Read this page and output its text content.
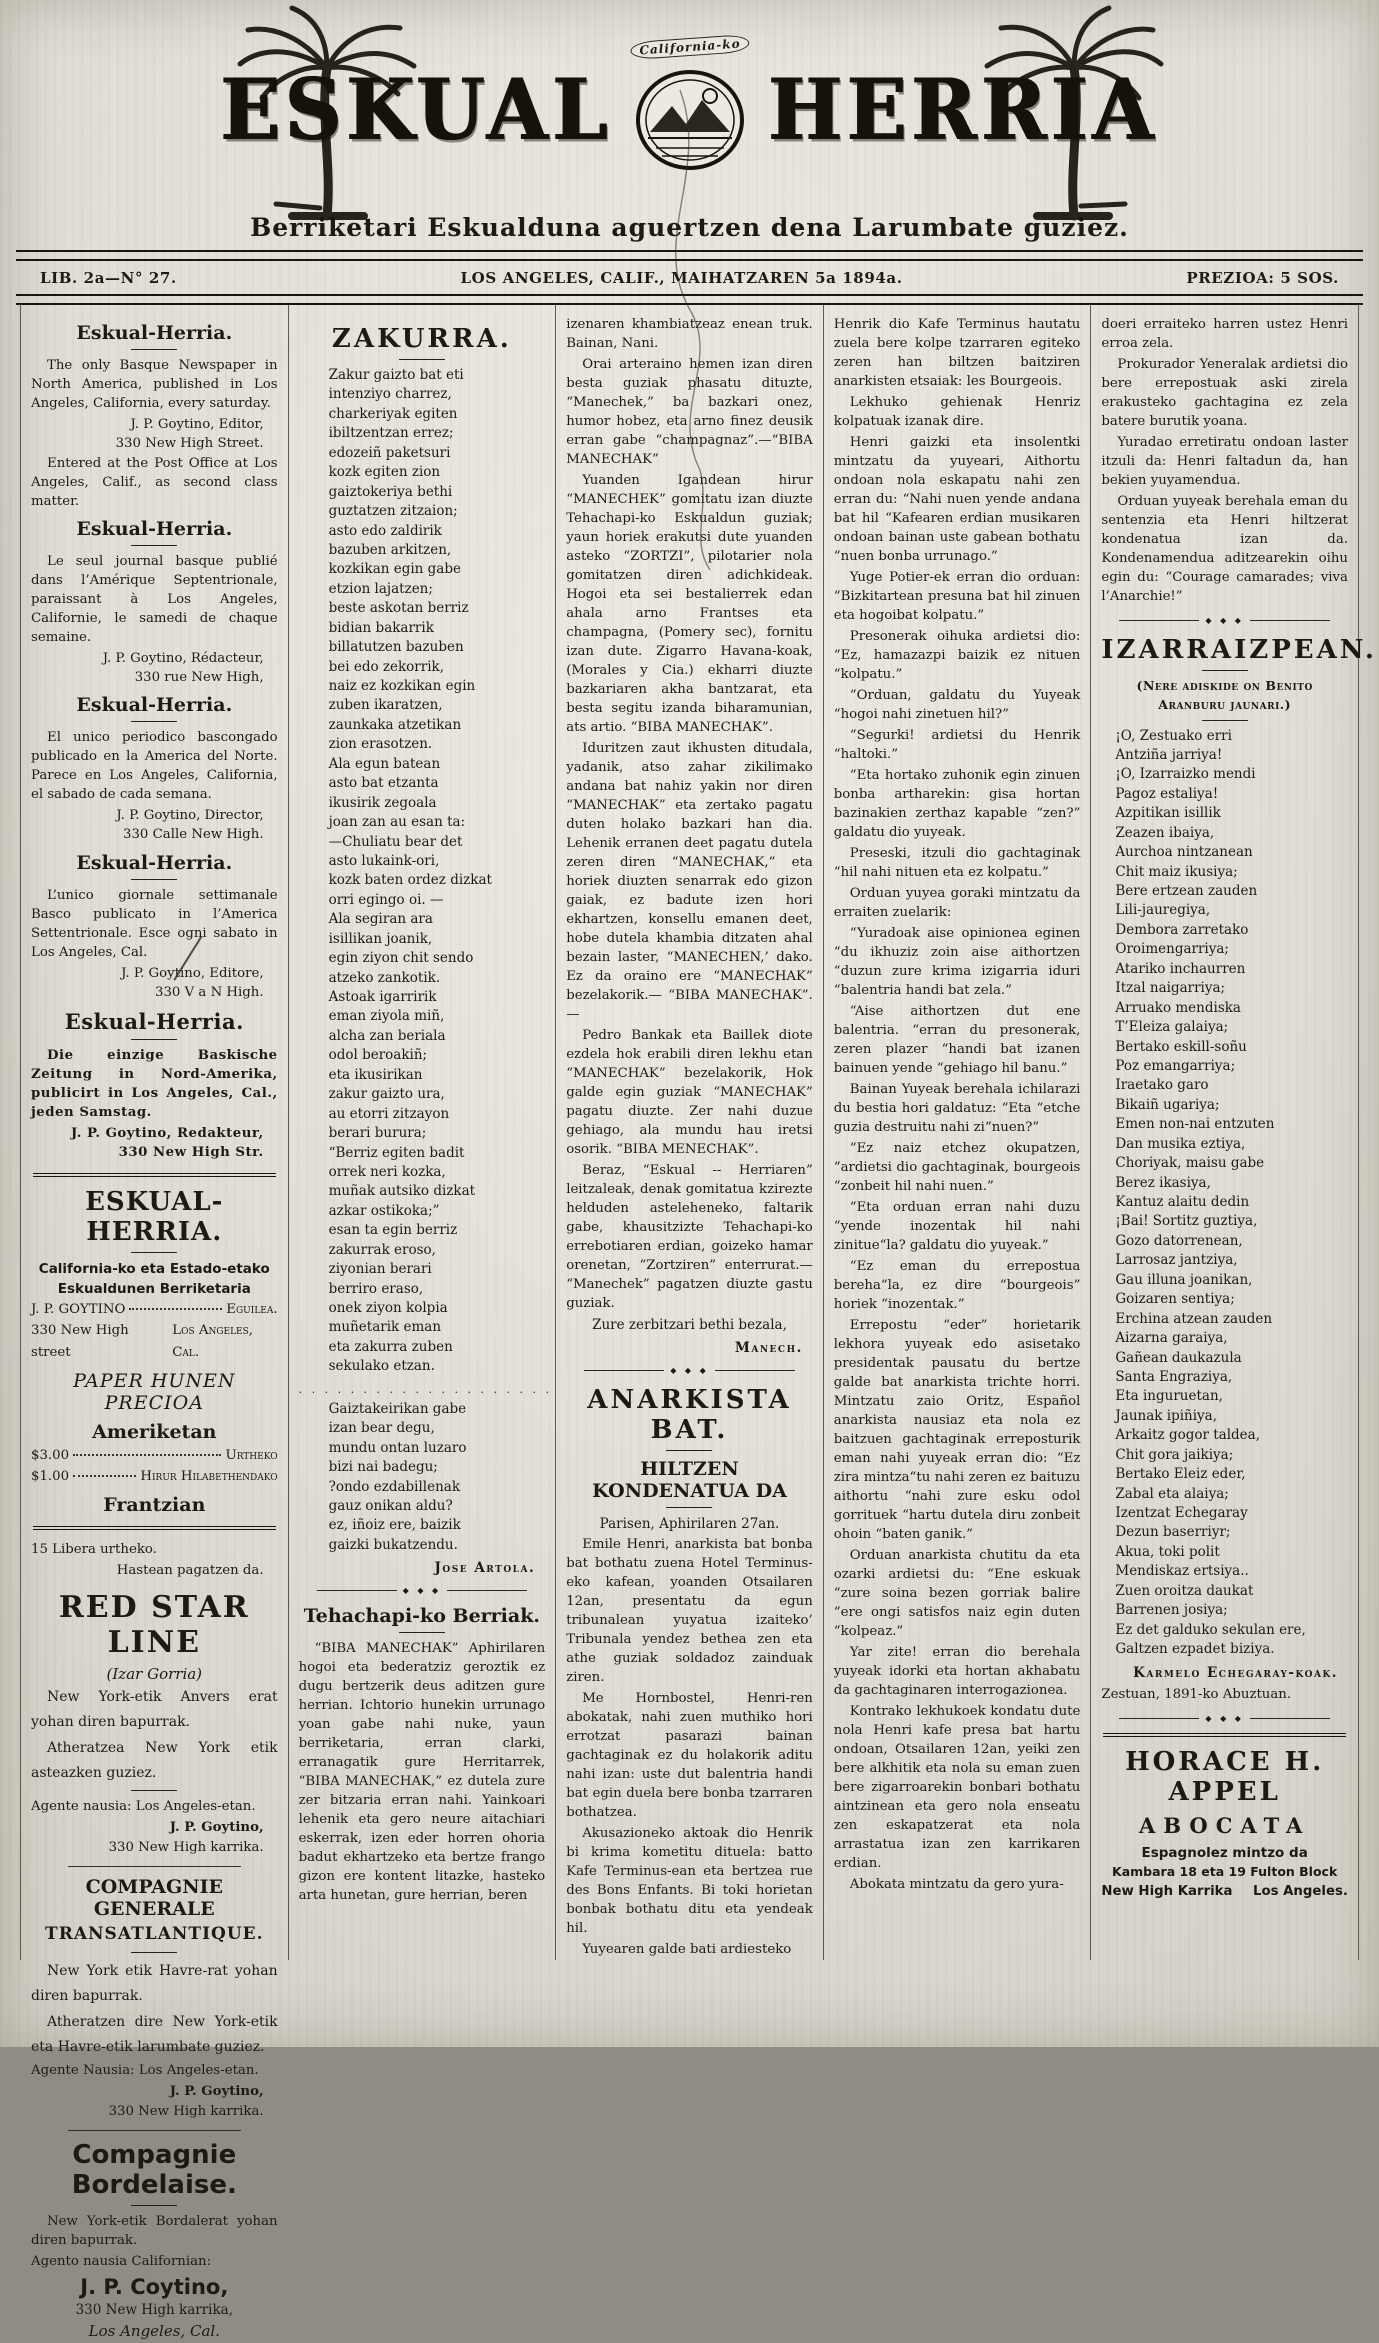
ESKUAL
California-ko
HERRIA
Berriketari Eskualduna aguertzen dena Larumbate guziez.
LIB. 2a—N° 27.	LOS ANGELES, CALIF., MAIHATZAREN 5a 1894a.	PREZIOA: 5 SOS.
Eskual-Herria.

The only Basque Newspaper in North America, published in Los Angeles, California, every saturday.

J. P. Goytino, Editor,
330 New High Street.

Entered at the Post Office at Los Angeles, Calif., as second class matter.

Eskual-Herria.

Le seul journal basque publié dans l’Amérique Septentrionale, paraissant à Los Angeles, Californie, le samedi de chaque semaine.

J. P. Goytino, Rédacteur,
330 rue New High,
Eskual-Herria.

El unico periodico bascongado publicado en la America del Norte. Parece en Los Angeles, California, el sabado de cada semana.

J. P. Goytino, Director,
330 Calle New High.
Eskual-Herria.

L’unico giornale settimanale Basco publicato in l’America Settentrionale. Esce ogni sabato in Los Angeles, Cal.

J. P. Goytino, Editore,
330 V a N High.
Eskual-Herria.

Die einzige Baskische Zeitung in Nord-Amerika, publicirt in Los Angeles, Cal., jeden Samstag.

J. P. Goytino, Redakteur,
330 New High Str.
ESKUAL-HERRIA.
California-ko eta Estado-etako
Eskualdunen Berriketaria
J. P. GOYTINO	Eguilea.
330 New High street
Los Angeles, Cal.
PAPER HUNEN PRECIOA
Ameriketan
$3.00	Urtheko
$1.00	Hirur Hilabethendako
Frantzian

15 Libera urtheko.

Hastean pagatzen da.
RED STAR LINE
(Izar Gorria)

New York-etik Anvers erat yohan diren bapurrak.

Atheratzea New York etik asteazken guziez.

Agente nausia: Los Angeles-etan.

J. P. Goytino,
330 New High karrika.
COMPAGNIE GENERALE
TRANSATLANTIQUE.

New York etik Havre-rat yohan diren bapurrak.

Atheratzen dire New York-etik eta Havre-etik larumbate guziez.

Agente Nausia: Los Angeles-etan.

J. P. Goytino,
330 New High karrika.
Compagnie Bordelaise.

New York-etik Bordalerat yohan diren bapurrak.

Agento nausia Californian:

J. P. Coytino,
330 New High karrika,
Los Angeles, Cal.
ZAKURRA.
Zakur gaizto bat eti
intenziyo charrez,
charkeriyak egiten
ibiltzentzan errez;
edozeiñ paketsuri
kozk egiten zion
gaiztokeriya bethi
guztatzen zitzaion;
asto edo zaldirik
bazuben arkitzen,
kozkikan egin gabe
etzion lajatzen;
beste askotan berriz
bidian bakarrik
billatutzen bazuben
bei edo zekorrik,
naiz ez kozkikan egin
zuben ikaratzen,
zaunkaka atzetikan
zion erasotzen.
Ala egun batean
asto bat etzanta
ikusirik zegoala
joan zan au esan ta:
—Chuliatu bear det
asto lukaink-ori,
kozk baten ordez dizkat
orri egingo oi. —
Ala segiran ara
isillikan joanik,
egin ziyon chit sendo
atzeko zankotik.
Astoak igarririk
eman ziyola miñ,
alcha zan beriala
odol beroakiñ;
eta ikusirikan
zakur gaizto ura,
au etorri zitzayon
berari burura;
“Berriz egiten badit
orrek neri kozka,
muñak autsiko dizkat
azkar ostikoka;”
esan ta egin berriz
zakurrak eroso,
ziyonian berari
berriro eraso,
onek ziyon kolpia
muñetarik eman
eta zakurra zuben
sekulako etzan.
. . . . . . . . . . . . . . . . . . . .
Gaiztakeirikan gabe
izan bear degu,
mundu ontan luzaro
bizi nai badegu;
?ondo ezdabillenak
gauz onikan aldu?
ez, iñoiz ere, baizik
gaizki bukatzendu.
Jose Artola.
◆ ◆ ◆
Tehachapi-ko Berriak.

“BIBA MANECHAK” Aphirilaren hogoi eta bederatziz geroztik ez dugu bertzerik deus aditzen gure herrian. Ichtorio hunekin urrunago yoan gabe nahi nuke, yaun berriketaria, erran clarki, erranagatik gure Herritarrek, “BIBA MANECHAK,” ez dutela zure zer bitzaria erran nahi. Yainkoari lehenik eta gero neure aitachiari eskerrak, izen eder horren ohoria badut ekhartzeko eta bertze frango gizon ere kontent litazke, hasteko arta hunetan, gure herrian, beren

izenaren khambiatzeaz enean truk. Bainan, Nani.

Orai arteraino hemen izan diren besta guziak phasatu dituzte, “Manechek,” ba bazkari onez, humor hobez, eta arno finez deusik erran gabe “champagnaz”.—“BIBA MANECHAK”

Yuanden Igandean hirur “MANECHEK” gomitatu izan diuzte Tehachapi-ko Eskualdun guziak; yaun horiek erakutsi dute yuanden asteko “ZORTZI”, pilotarier nola gomitatzen diren adichkideak. Hogoi eta sei bestalierrek edan ahala arno Frantses eta champagna, (Pomery sec), fornitu izan dute. Zigarro Havana-koak, (Morales y Cia.) ekharri diuzte bazkariaren akha bantzarat, eta besta segitu izanda biharamunian, ats artio. “BIBA MANECHAK”.

Iduritzen zaut ikhusten ditudala, yadanik, atso zahar zikilimako andana bat nahiz yakin nor diren “MANECHAK” eta zertako pagatu duten holako bazkari han dia. Lehenik erranen deet pagatu dutela zeren diren “MANECHAK,” eta horiek diuzten senarrak edo gizon gaiak, ez badute izen hori ekhartzen, konsellu emanen deet, hobe dutela khambia ditzaten ahal bezain laster, “MANECHEN,’ dako. Ez da oraino ere “MANECHAK” bezelakorik.— “BIBA MANECHAK”.—

Pedro Bankak eta Baillek diote ezdela hok erabili diren lekhu etan “MANECHAK” bezelakorik, Hok galde egin guziak “MANECHAK” pagatu diuzte. Zer nahi duzue gehiago, ala mundu hau iretsi osorik. “BIBA MENECHAK”.

Beraz, “Eskual -- Herriaren” leitzaleak, denak gomitatua kzirezte helduden asteleheneko, faltarik gabe, khausitzizte Tehachapi-ko errebotiaren erdian, goizeko hamar orenetan, “Zortziren” enterrurat.— “Manechek” pagatzen diuzte gastu guziak.

Zure zerbitzari bethi bezala,
Manech.
◆ ◆ ◆
ANARKISTA BAT.
HILTZEN KONDENATUA DA
Parisen, Aphirilaren 27an.

Emile Henri, anarkista bat bonba bat bothatu zuena Hotel Terminus-eko kafean, yoanden Otsailaren 12an, presentatu da egun tribunalean yuyatua izaiteko’ Tribunala yendez bethea zen eta athe guziak soldadoz zainduak ziren.

Me Hornbostel, Henri-ren abokatak, nahi zuen muthiko hori errotzat pasarazi bainan gachtaginak ez du holakorik aditu nahi izan: uste dut balentria handi bat egin duela bere bonba tzarraren bothatzea.

Akusazioneko aktoak dio Henrik bi krima kometitu dituela: batto Kafe Terminus-ean eta bertzea rue des Bons Enfants. Bi toki horietan bonbak bothatu ditu eta yendeak hil.

Yuyearen galde bati ardiesteko

Henrik dio Kafe Terminus hautatu zuela bere kolpe tzarraren egiteko zeren han biltzen baitziren anarkisten etsaiak: les Bourgeois.

Lekhuko gehienak Henriz kolpatuak izanak dire.

Henri gaizki eta insolentki mintzatu da yuyeari, Aithortu ondoan nola eskapatu nahi zen erran du: “Nahi nuen yende andana bat hil “Kafearen erdian musikaren ondoan bainan uste gabean bothatu “nuen bonba urrunago.”

Yuge Potier-ek erran dio orduan: “Bizkitartean presuna bat hil zinuen eta hogoibat kolpatu.”

Presonerak oihuka ardietsi dio: “Ez, hamazazpi baizik ez nituen “kolpatu.”

“Orduan, galdatu du Yuyeak “hogoi nahi zinetuen hil?”

“Segurki! ardietsi du Henrik “haltoki.”

“Eta hortako zuhonik egin zinuen bonba artharekin: gisa hortan bazinakien zerthaz kapable “zen?” galdatu dio yuyeak.

Preseski, itzuli dio gachtaginak “hil nahi nituen eta ez kolpatu.”

Orduan yuyea goraki mintzatu da erraiten zuelarik:

“Yuradoak aise opinionea eginen “du ikhuziz zoin aise aithortzen “duzun zure krima izigarria iduri “balentria handi bat zela.”

“Aise aithortzen dut ene balentria. “erran du presonerak, zeren plazer “handi bat izanen bainuen yende “gehiago hil banu.”

Bainan Yuyeak berehala ichilarazi du bestia hori galdatuz: “Eta “etche guzia destruitu nahi zi“nuen?”

“Ez naiz etchez okupatzen, “ardietsi dio gachtaginak, bourgeois “zonbeit hil nahi nuen.”

“Eta orduan erran nahi duzu “yende inozentak hil nahi zinitue“la? galdatu dio yuyeak.”

“Ez eman du errepostua bereha“la, ez dire “bourgeois” horiek “inozentak.”

Errepostu “eder” horietarik lekhora yuyeak edo asisetako presidentak pausatu du bertze galde bat anarkista trichte horri. Mintzatu zaio Oritz, Español anarkista nausiaz eta nola ez baitzuen gachtaginak erreposturik eman nahi yuyeak erran dio: “Ez zira mintza“tu nahi zeren ez baituzu aithortu “nahi zure esku odol gorrituek “hartu dutela diru zonbeit ohoin “baten ganik.”

Orduan anarkista chutitu da eta ozarki ardietsi du: “Ene eskuak “zure soina bezen gorriak balire “ere ongi satisfos naiz egin duten “kolpeaz.”

Yar zite! erran dio berehala yuyeak idorki eta hortan akhabatu da gachtaginaren interrogazionea.

Kontrako lekhukoek kondatu dute nola Henri kafe presa bat hartu ondoan, Otsailaren 12an, yeiki zen bere alkhitik eta nola su eman zuen bere zigarroarekin bonbari bothatu aintzinean eta gero nola enseatu zen eskapatzerat eta nola arrastatua izan zen karrikaren erdian.

Abokata mintzatu da gero yura-

doeri erraiteko harren ustez Henri erroa zela.

Prokurador Yeneralak ardietsi dio bere errepostuak aski zirela erakusteko gachtagina ez zela batere burutik yoana.

Yuradao erretiratu ondoan laster itzuli da: Henri faltadun da, han bekien yuyamendua.

Orduan yuyeak berehala eman du sentenzia eta Henri hiltzerat kondenatua izan da. Kondenamendua aditzearekin oihu egin du: “Courage camarades; viva l’Anarchie!”

◆ ◆ ◆
IZARRAIZPEAN.
(Nere adiskide on Benito Aranburu jaunari.)
¡O, Zestuako erri
Antziña jarriya!
¡O, Izarraizko mendi
Pagoz estaliya!
Azpitikan isillik
Zeazen ibaiya,
Aurchoa nintzanean
Chit maiz ikusiya;
Bere ertzean zauden
Lili-jauregiya,
Dembora zarretako
Oroimengarriya;
Atariko inchaurren
Itzal naigarriya;
Arruako mendiska
T’Eleiza galaiya;
Bertako eskill-soñu
Poz emangarriya;
Iraetako garo
Bikaiñ ugariya;
Emen non-nai entzuten
Dan musika eztiya,
Choriyak, maisu gabe
Berez ikasiya,
Kantuz alaitu dedin
¡Bai! Sortitz guztiya,
Gozo datorrenean,
Larrosaz jantziya,
Gau illuna joanikan,
Goizaren sentiya;
Erchina atzean zauden
Aizarna garaiya,
Gañean daukazula
Santa Engraziya,
Eta inguruetan,
Jaunak ipiñiya,
Arkaitz gogor taldea,
Chit gora jaikiya;
Bertako Eleiz eder,
Zabal eta alaiya;
Izentzat Echegaray
Dezun baserriyr;
Akua, toki polit
Mendiskaz ertsiya..
Zuen oroitza daukat
Barrenen josiya;
Ez det galduko sekulan ere,
Galtzen ezpadet biziya.
Karmelo Echegaray-koak.

Zestuan, 1891-ko Abuztuan.

◆ ◆ ◆
HORACE H. APPEL
ABOCATA
Espagnolez mintzo da
Kambara 18 eta 19 Fulton Block
New High Karrika Los Angeles.
